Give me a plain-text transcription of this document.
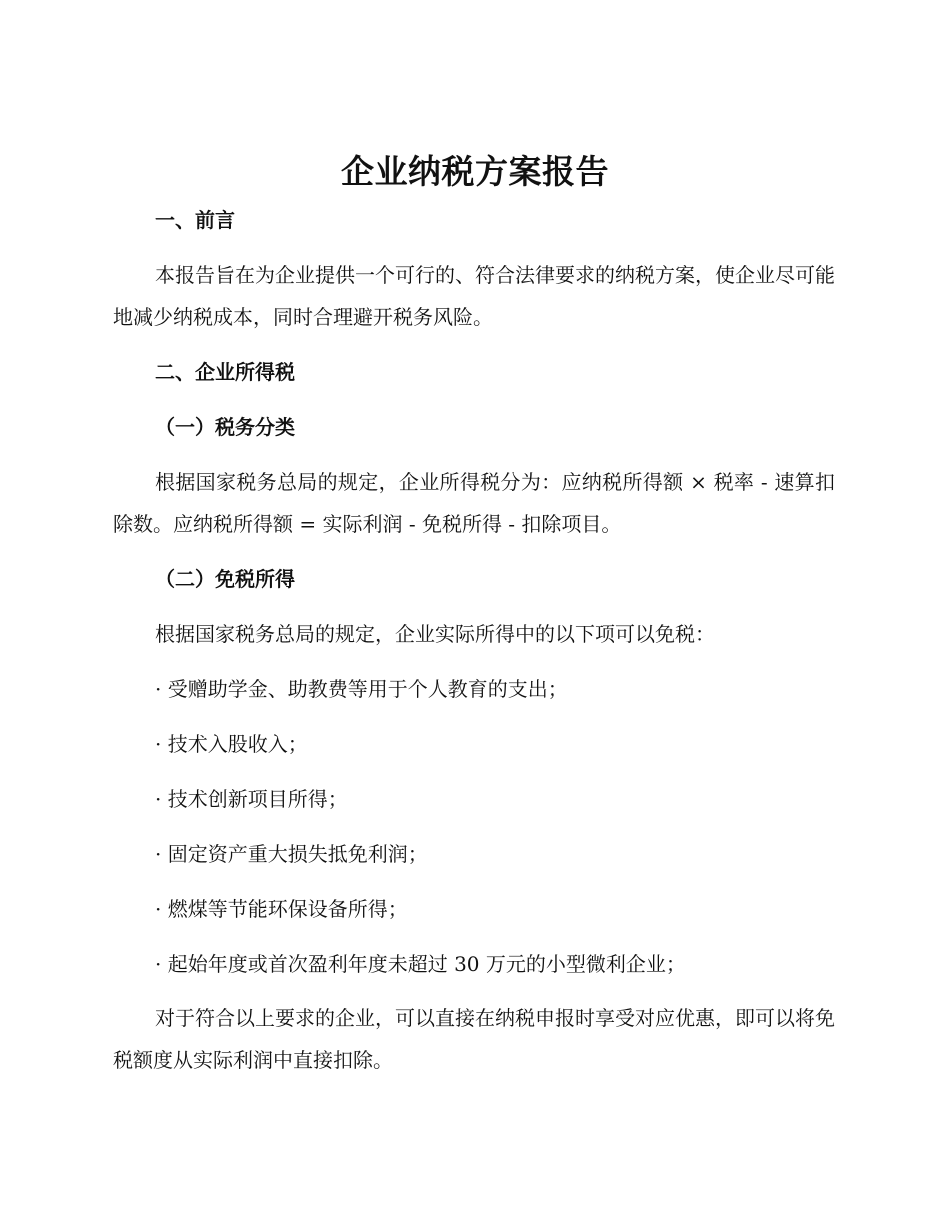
企业纳税方案报告
一、前言
本报告旨在为企业提供一个可行的、符合法律要求的纳税方案，使企业尽可能地减少纳税成本，同时合理避开税务风险。
二、企业所得税
（一）税务分类
根据国家税务总局的规定，企业所得税分为：应纳税所得额 × 税率 - 速算扣除数。应纳税所得额 = 实际利润 - 免税所得 - 扣除项目。
（二）免税所得
根据国家税务总局的规定，企业实际所得中的以下项可以免税：
· 受赠助学金、助教费等用于个人教育的支出；
· 技术入股收入；
· 技术创新项目所得；
· 固定资产重大损失抵免利润；
· 燃煤等节能环保设备所得；
· 起始年度或首次盈利年度未超过 30 万元的小型微利企业；
对于符合以上要求的企业，可以直接在纳税申报时享受对应优惠，即可以将免税额度从实际利润中直接扣除。
